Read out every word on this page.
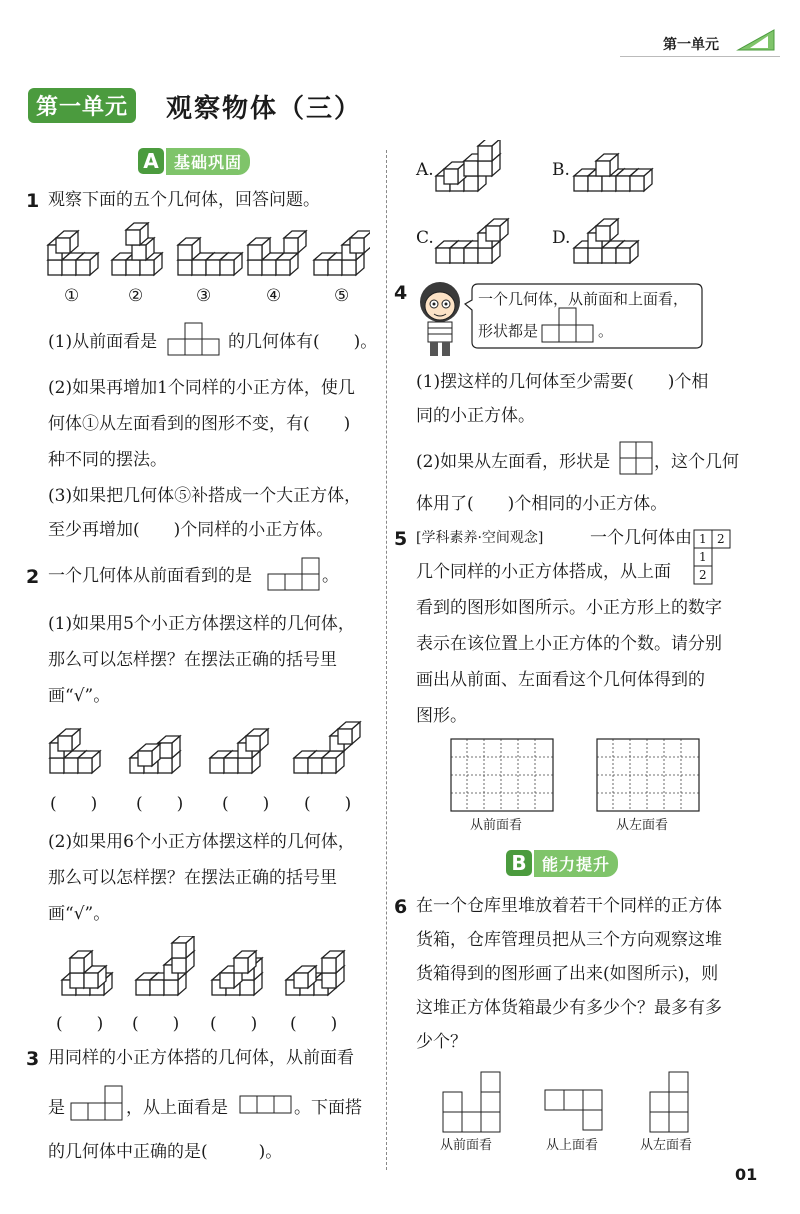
第一单元
第一单元	观察物体（三）
A 基础巩固
1 观察下面的五个几何体，回答问题。
①	②	③	④	⑤
(1)从前面看是	的几何体有(　　)。
(2)如果再增加1个同样的小正方体，使几
何体①从左面看到的图形不变，有(　　)
种不同的摆法。
(3)如果把几何体⑤补搭成一个大正方体，
至少再增加(　　)个同样的小正方体。
2 一个几何体从前面看到的是	。
(1)如果用5个小正方体摆这样的几何体，
那么可以怎样摆？在摆法正确的括号里
画“√”。
(　　) (　　) (　　) (　　)
(2)如果用6个小正方体摆这样的几何体，
那么可以怎样摆？在摆法正确的括号里
画“√”。
(　　) (　　) (　　) (　　)
3 用同样的小正方体搭的几何体，从前面看
是	，从上面看是	。下面搭
的几何体中正确的是(　　　)。
A.	B.
C.	D.
4	一个几何体，从前面和上面看，
形状都是	。
(1)摆这样的几何体至少需要(　　)个相
同的小正方体。
(2)如果从左面看，形状是	，这个几何
体用了(　　)个相同的小正方体。
5 [学科素养·空间观念]	一个几何体由 1 2
1
2
几个同样的小正方体搭成，从上面
看到的图形如图所示。小正方形上的数字
表示在该位置上小正方体的个数。请分别
画出从前面、左面看这个几何体得到的
图形。
从前面看	从左面看
B 能力提升
6 在一个仓库里堆放着若干个同样的正方体
货箱，仓库管理员把从三个方向观察这堆
货箱得到的图形画了出来(如图所示)，则
这堆正方体货箱最少有多少个？最多有多
少个？
从前面看	从上面看	从左面看
01
